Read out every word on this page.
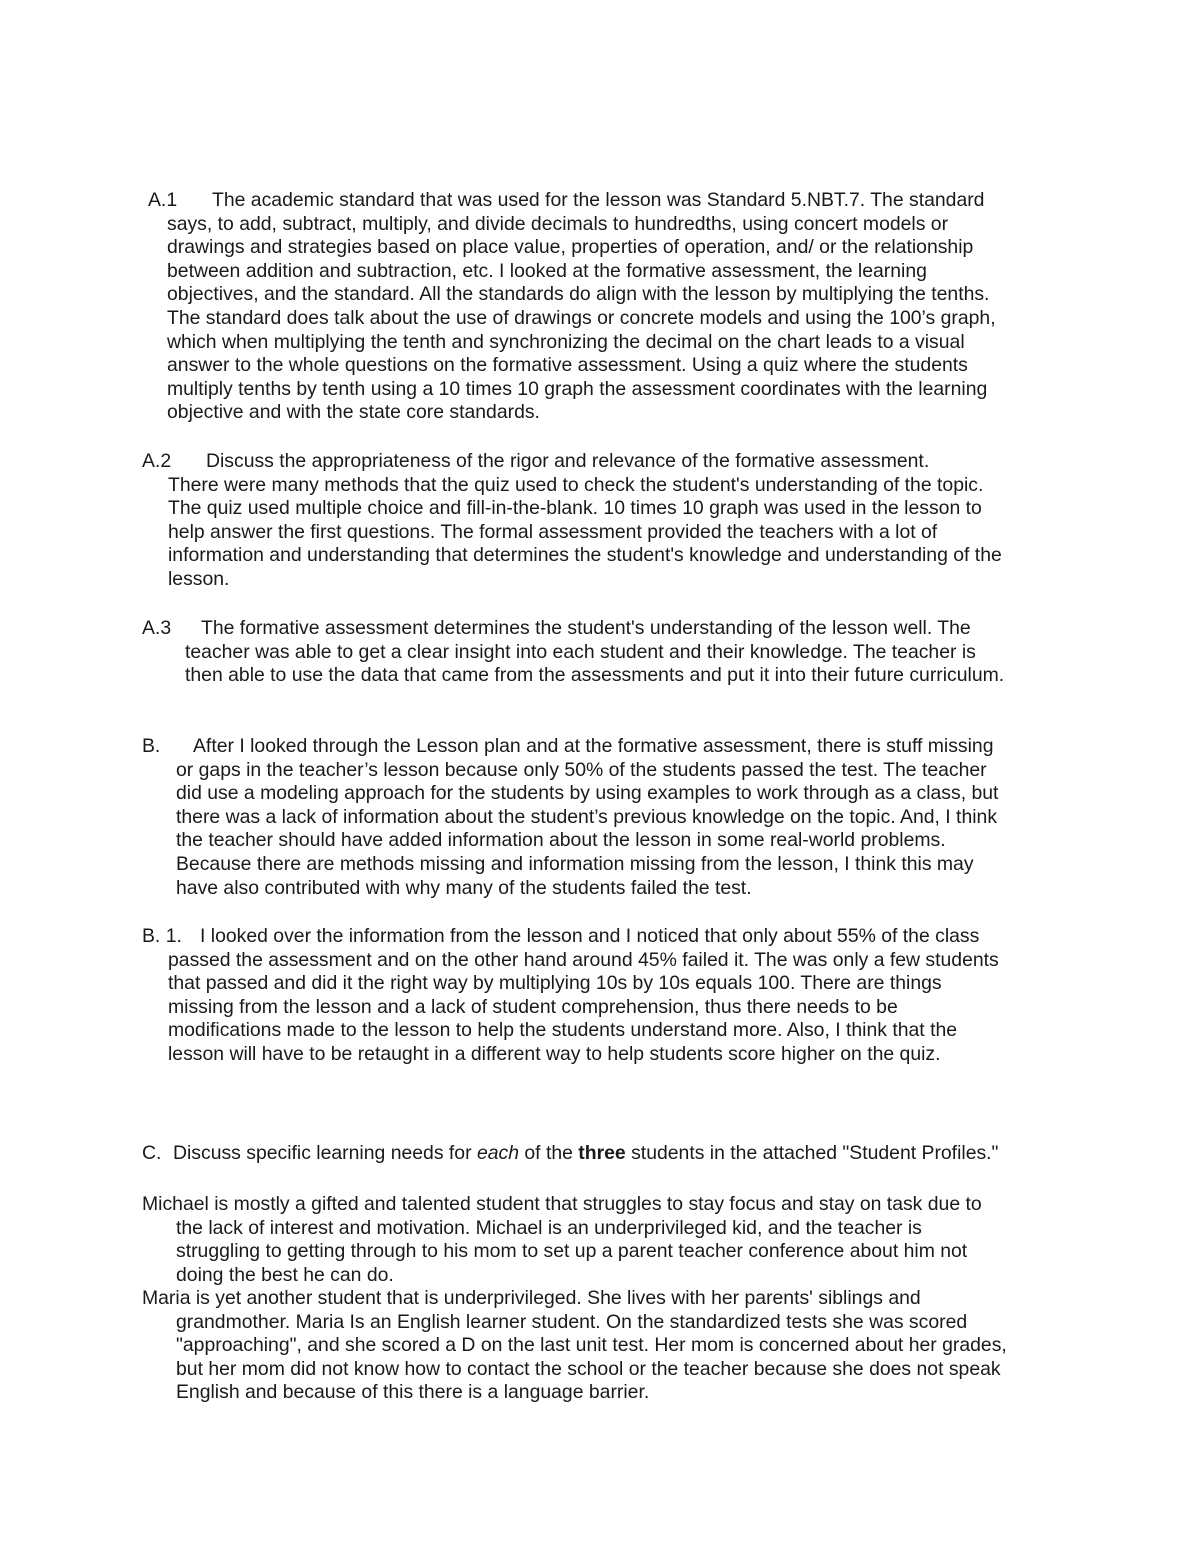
A.1 The academic standard that was used for the lesson was Standard 5.NBT.7. The standard
says, to add, subtract, multiply, and divide decimals to hundredths, using concert models or
drawings and strategies based on place value, properties of operation, and/ or the relationship
between addition and subtraction, etc. I looked at the formative assessment, the learning
objectives, and the standard. All the standards do align with the lesson by multiplying the tenths.
The standard does talk about the use of drawings or concrete models and using the 100’s graph,
which when multiplying the tenth and synchronizing the decimal on the chart leads to a visual
answer to the whole questions on the formative assessment. Using a quiz where the students
multiply tenths by tenth using a 10 times 10 graph the assessment coordinates with the learning
objective and with the state core standards.
A.2 Discuss the appropriateness of the rigor and relevance of the formative assessment.
There were many methods that the quiz used to check the student's understanding of the topic.
The quiz used multiple choice and fill-in-the-blank. 10 times 10 graph was used in the lesson to
help answer the first questions. The formal assessment provided the teachers with a lot of
information and understanding that determines the student's knowledge and understanding of the
lesson.
A.3 The formative assessment determines the student's understanding of the lesson well. The
teacher was able to get a clear insight into each student and their knowledge. The teacher is
then able to use the data that came from the assessments and put it into their future curriculum.
B. After I looked through the Lesson plan and at the formative assessment, there is stuff missing
or gaps in the teacher’s lesson because only 50% of the students passed the test. The teacher
did use a modeling approach for the students by using examples to work through as a class, but
there was a lack of information about the student’s previous knowledge on the topic. And, I think
the teacher should have added information about the lesson in some real-world problems.
Because there are methods missing and information missing from the lesson, I think this may
have also contributed with why many of the students failed the test.
B. 1. I looked over the information from the lesson and I noticed that only about 55% of the class
passed the assessment and on the other hand around 45% failed it. The was only a few students
that passed and did it the right way by multiplying 10s by 10s equals 100. There are things
missing from the lesson and a lack of student comprehension, thus there needs to be
modifications made to the lesson to help the students understand more. Also, I think that the
lesson will have to be retaught in a different way to help students score higher on the quiz.
C. Discuss specific learning needs for each of the three students in the attached "Student Profiles."
Michael is mostly a gifted and talented student that struggles to stay focus and stay on task due to
the lack of interest and motivation. Michael is an underprivileged kid, and the teacher is
struggling to getting through to his mom to set up a parent teacher conference about him not
doing the best he can do.
Maria is yet another student that is underprivileged. She lives with her parents' siblings and
grandmother. Maria Is an English learner student. On the standardized tests she was scored
"approaching", and she scored a D on the last unit test. Her mom is concerned about her grades,
but her mom did not know how to contact the school or the teacher because she does not speak
English and because of this there is a language barrier.
